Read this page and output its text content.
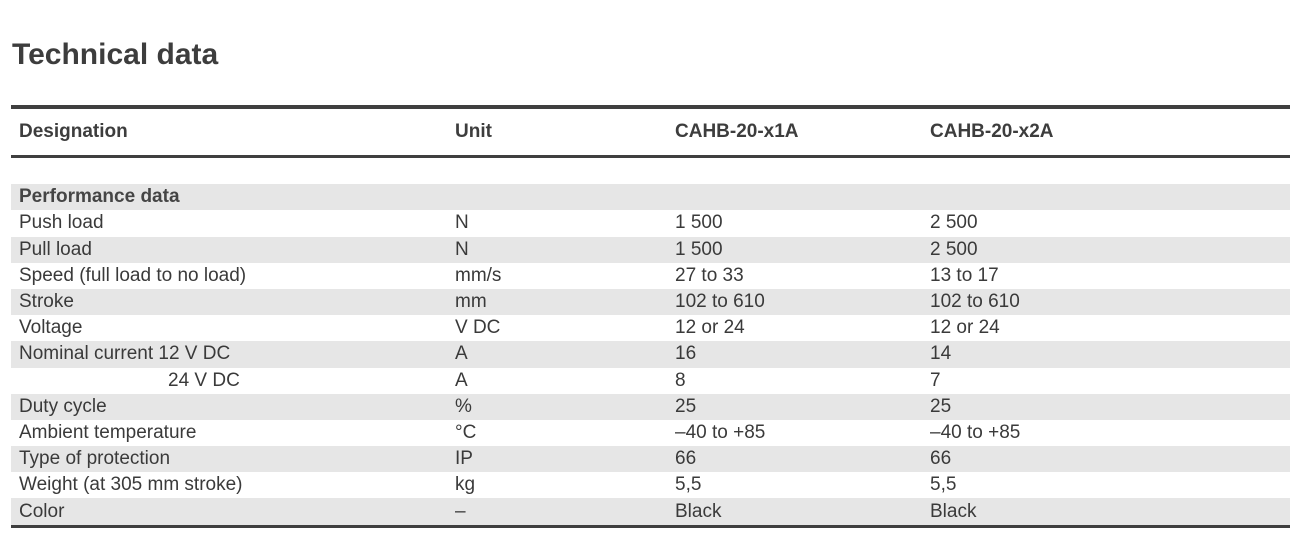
Technical data
Designation	Unit	CAHB-20-x1A	CAHB-20-x2A

Performance data			
Push load	N	1 500	2 500
Pull load	N	1 500	2 500
Speed (full load to no load)	mm/s	27 to 33	13 to 17
Stroke	mm	102 to 610	102 to 610
Voltage	V DC	12 or 24	12 or 24
Nominal current 12 V DC	A	16	14
24 V DC	A	8	7
Duty cycle	%	25	25
Ambient temperature	°C	–40 to +85	–40 to +85
Type of protection	IP	66	66
Weight (at 305 mm stroke)	kg	5,5	5,5
Color	–	Black	Black
